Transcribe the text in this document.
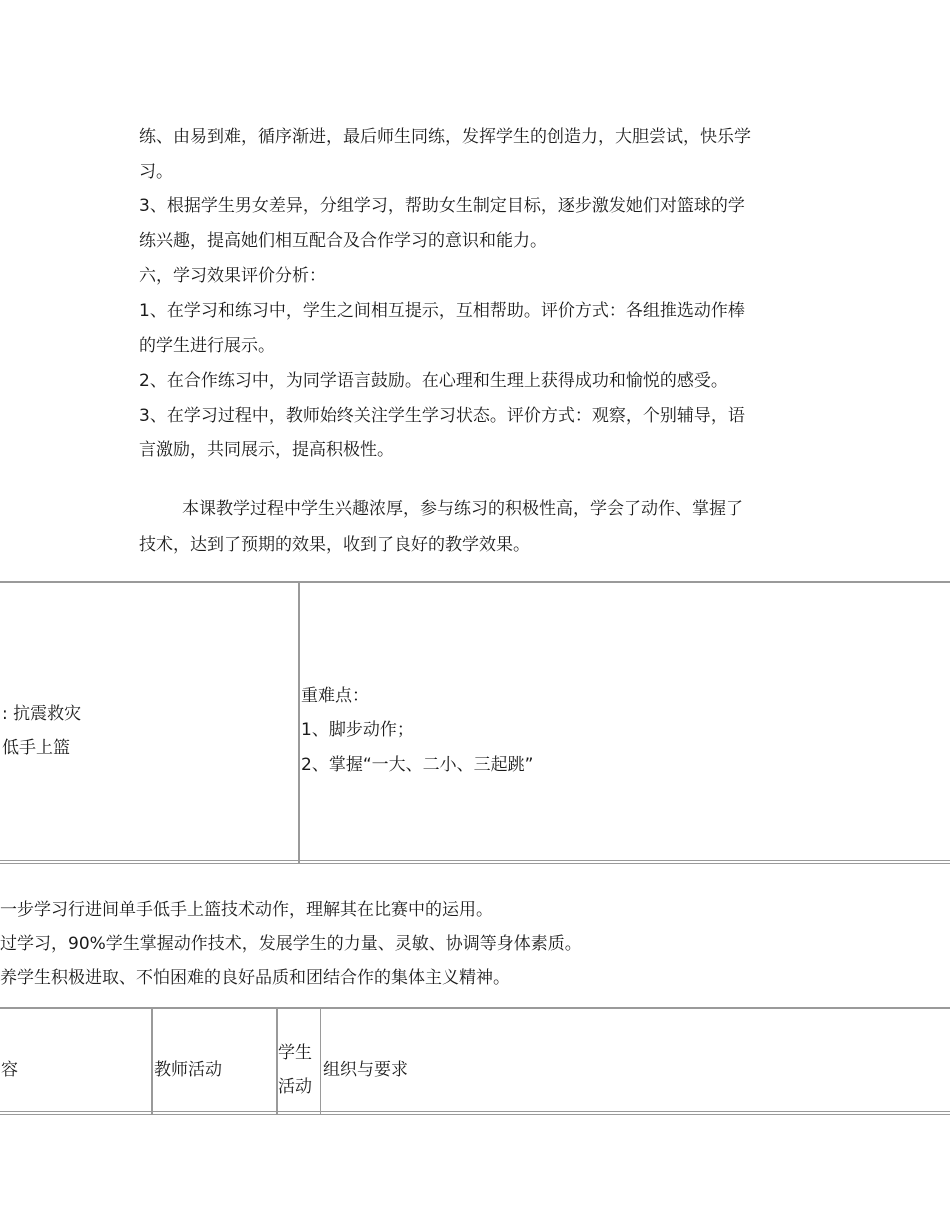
练、由易到难，循序渐进，最后师生同练，发挥学生的创造力，大胆尝试，快乐学
习。
3、根据学生男女差异，分组学习，帮助女生制定目标，逐步激发她们对篮球的学
练兴趣，提高她们相互配合及合作学习的意识和能力。
六，学习效果评价分析：
1、在学习和练习中，学生之间相互提示，互相帮助。评价方式：各组推选动作棒
的学生进行展示。
2、在合作练习中，为同学语言鼓励。在心理和生理上获得成功和愉悦的感受。
3、在学习过程中，教师始终关注学生学习状态。评价方式：观察，个别辅导，语
言激励，共同展示，提高积极性。
本课教学过程中学生兴趣浓厚，参与练习的积极性高，学会了动作、掌握了
技术，达到了预期的效果，收到了良好的教学效果。
: 抗震救灾
低手上篮
重难点：
1、脚步动作；
2、掌握“一大、二小、三起跳”
一步学习行进间单手低手上篮技术动作，理解其在比赛中的运用。
过学习，90%学生掌握动作技术，发展学生的力量、灵敏、协调等身体素质。
养学生积极进取、不怕困难的良好品质和团结合作的集体主义精神。
容	教师活动
学生
活动
组织与要求
